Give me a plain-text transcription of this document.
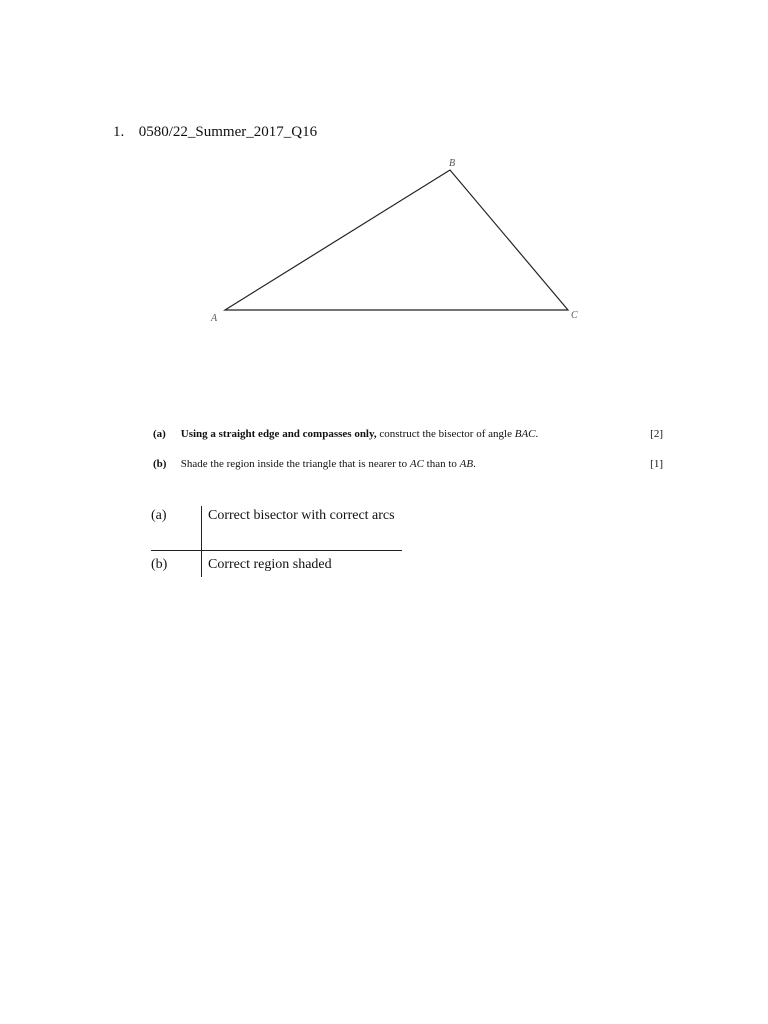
1. 0580/22_Summer_2017_Q16
A
B
C
(a) Using a straight edge and compasses only, construct the bisector of angle BAC.	[2]
(b) Shade the region inside the triangle that is nearer to AC than to AB.	[1]
(a)	Correct bisector with correct arcs
(b)	Correct region shaded
